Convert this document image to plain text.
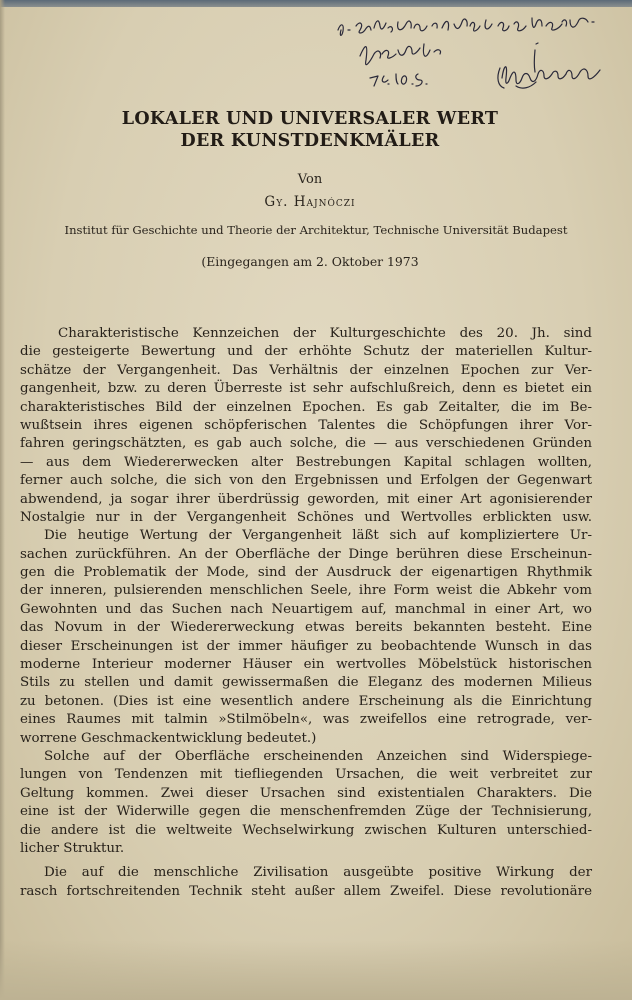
LOKALER UND UNIVERSALER WERT
DER KUNSTDENKMÄLER
Von
Gy. Hajnóczi
Institut für Geschichte und Theorie der Architektur, Technische Universität Budapest
(Eingegangen am 2. Oktober 1973
Charakteristische Kennzeichen der Kulturgeschichte des 20. Jh. sind
die gesteigerte Bewertung und der erhöhte Schutz der materiellen Kultur-
schätze der Vergangenheit. Das Verhältnis der einzelnen Epochen zur Ver-
gangenheit, bzw. zu deren Überreste ist sehr aufschlußreich, denn es bietet ein
charakteristisches Bild der einzelnen Epochen. Es gab Zeitalter, die im Be-
wußtsein ihres eigenen schöpferischen Talentes die Schöpfungen ihrer Vor-
fahren geringschätzten, es gab auch solche, die — aus verschiedenen Gründen
— aus dem Wiedererwecken alter Bestrebungen Kapital schlagen wollten,
ferner auch solche, die sich von den Ergebnissen und Erfolgen der Gegenwart
abwendend, ja sogar ihrer überdrüssig geworden, mit einer Art agonisierender
Nostalgie nur in der Vergangenheit Schönes und Wertvolles erblickten usw.
Die heutige Wertung der Vergangenheit läßt sich auf kompliziertere Ur-
sachen zurückführen. An der Oberfläche der Dinge berühren diese Erscheinun-
gen die Problematik der Mode, sind der Ausdruck der eigenartigen Rhythmik
der inneren, pulsierenden menschlichen Seele, ihre Form weist die Abkehr vom
Gewohnten und das Suchen nach Neuartigem auf, manchmal in einer Art, wo
das Novum in der Wiedererweckung etwas bereits bekannten besteht. Eine
dieser Erscheinungen ist der immer häufiger zu beobachtende Wunsch in das
moderne Interieur moderner Häuser ein wertvolles Möbelstück historischen
Stils zu stellen und damit gewissermaßen die Eleganz des modernen Milieus
zu betonen. (Dies ist eine wesentlich andere Erscheinung als die Einrichtung
eines Raumes mit talmin »Stilmöbeln«, was zweifellos eine retrograde, ver-
worrene Geschmackentwicklung bedeutet.)
Solche auf der Oberfläche erscheinenden Anzeichen sind Widerspiege-
lungen von Tendenzen mit tiefliegenden Ursachen, die weit verbreitet zur
Geltung kommen. Zwei dieser Ursachen sind existentialen Charakters. Die
eine ist der Widerwille gegen die menschenfremden Züge der Technisierung,
die andere ist die weltweite Wechselwirkung zwischen Kulturen unterschied-
licher Struktur.
Die auf die menschliche Zivilisation ausgeübte positive Wirkung der
rasch fortschreitenden Technik steht außer allem Zweifel. Diese revolutionäre
